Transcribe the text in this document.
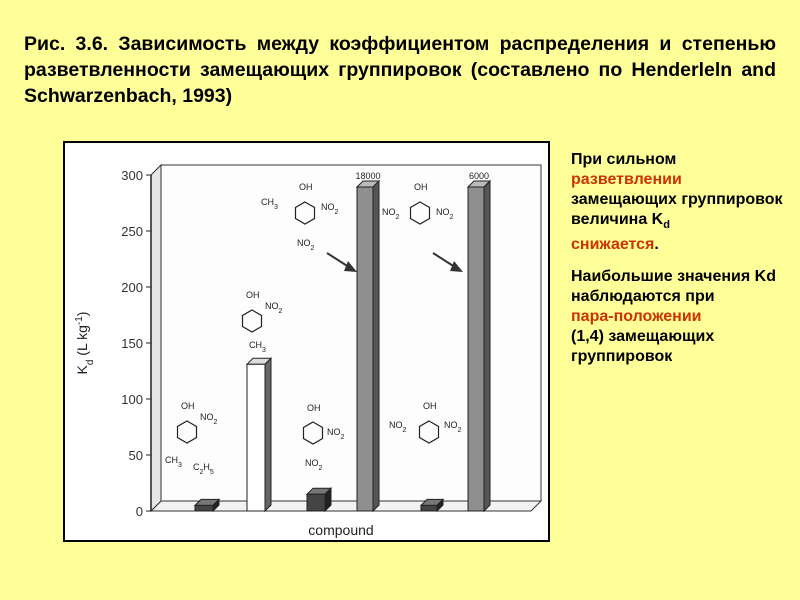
Рис. 3.6. Зависимость между коэффициентом распределения и степенью разветвленности замещающих группировок (составлено по Henderleln and Schwarzenbach, 1993)
0
50
100
150
200
250
300
$K_d$ (L $kg^{-1}$)
compound
18000	6000
OH
$NO_2$
$CH_3$ $C_2H_5$
OH
$NO_2$
$CH_3$
OH
$NO_2$
$NO_2$
OH
$CH_3$	$NO_2$
$NO_2$
OH
$NO_2$	$NO_2$
OH
$NO_2$	$NO_2$

При сильном
разветвлении
замещающих группировок величина $K_d$
снижается.

Наибольшие значения Kd наблюдаются при
пара-положении
(1,4) замещающих группировок
